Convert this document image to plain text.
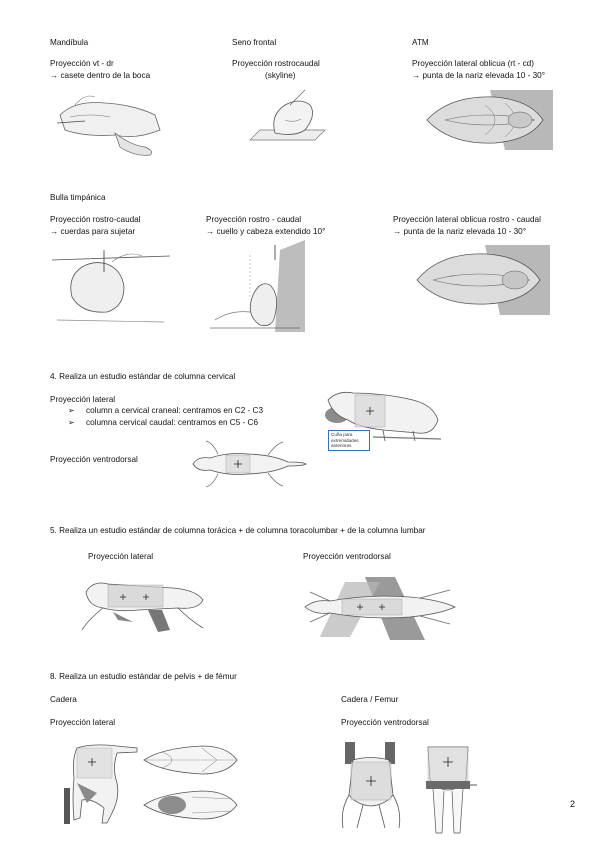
Mandíbula	Seno frontal	ATM
Proyección vt - dr
→ casete dentro de la boca
Proyección rostrocaudal
(skyline)
Proyección lateral oblicua (rt - cd)
→ punta de la nariz elevada 10 - 30°
Bulla timpánica
Proyección rostro-caudal
→ cuerdas para sujetar
Proyección rostro - caudal
→ cuello y cabeza extendido 10°
Proyección lateral oblicua rostro - caudal
→ punta de la nariz elevada 10 - 30°
4. Realiza un estudio estándar de columna cervical
Proyección lateral
➢ column a cervical craneal: centramos en C2 - C3
➢ columna cervical caudal: centramos en C5 - C6
Proyección ventrodorsal
Cuña para extremidades anteriores
5. Realiza un estudio estándar de columna torácica + de columna toracolumbar + de la columna lumbar
Proyección lateral	Proyección ventrodorsal
8. Realiza un estudio estándar de pelvis + de fémur
Cadera	Cadera / Femur
Proyección lateral	Proyección ventrodorsal
2
